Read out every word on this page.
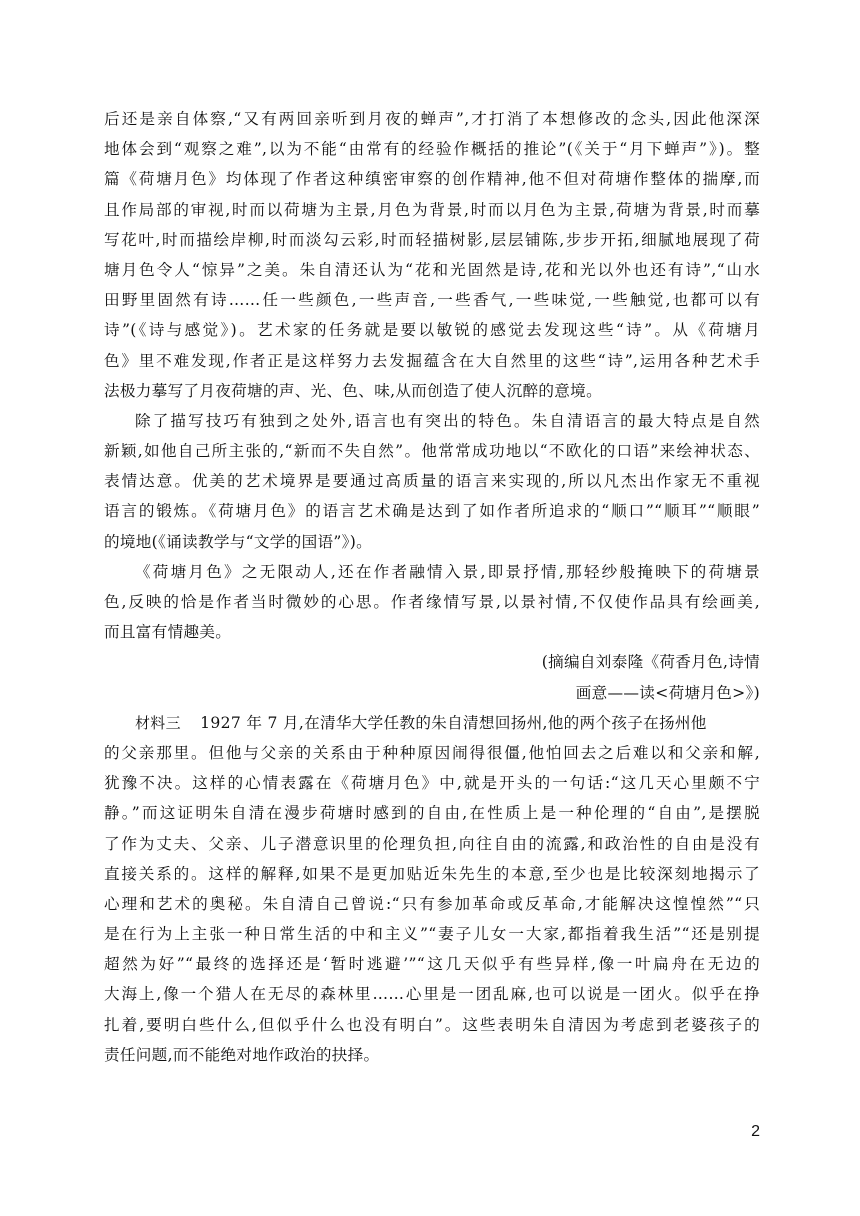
后还是亲自体察,“又有两回亲听到月夜的蝉声”,才打消了本想修改的念头,因此他深深
地体会到“观察之难”,以为不能“由常有的经验作概括的推论”(《关于“月下蝉声”》)。整
篇《荷塘月色》均体现了作者这种缜密审察的创作精神,他不但对荷塘作整体的揣摩,而
且作局部的审视,时而以荷塘为主景,月色为背景,时而以月色为主景,荷塘为背景,时而摹
写花叶,时而描绘岸柳,时而淡勾云彩,时而轻描树影,层层铺陈,步步开拓,细腻地展现了荷
塘月色令人“惊异”之美。朱自清还认为“花和光固然是诗,花和光以外也还有诗”,“山水
田野里固然有诗……任一些颜色,一些声音,一些香气,一些味觉,一些触觉,也都可以有
诗”(《诗与感觉》)。艺术家的任务就是要以敏锐的感觉去发现这些“诗”。从《荷塘月
色》里不难发现,作者正是这样努力去发掘蕴含在大自然里的这些“诗”,运用各种艺术手
法极力摹写了月夜荷塘的声、光、色、味,从而创造了使人沉醉的意境。
除了描写技巧有独到之处外,语言也有突出的特色。朱自清语言的最大特点是自然
新颖,如他自己所主张的,“新而不失自然”。他常常成功地以“不欧化的口语”来绘神状态、
表情达意。优美的艺术境界是要通过高质量的语言来实现的,所以凡杰出作家无不重视
语言的锻炼。《荷塘月色》的语言艺术确是达到了如作者所追求的“顺口”“顺耳”“顺眼”
的境地(《诵读教学与“文学的国语”》)。
《荷塘月色》之无限动人,还在作者融情入景,即景抒情,那轻纱般掩映下的荷塘景
色,反映的恰是作者当时微妙的心思。作者缘情写景,以景衬情,不仅使作品具有绘画美,
而且富有情趣美。
(摘编自刘泰隆《荷香月色,诗情
画意——读<荷塘月色>》)
材料三 1927 年 7 月,在清华大学任教的朱自清想回扬州,他的两个孩子在扬州他
的父亲那里。但他与父亲的关系由于种种原因闹得很僵,他怕回去之后难以和父亲和解,
犹豫不决。这样的心情表露在《荷塘月色》中,就是开头的一句话:“这几天心里颇不宁
静。”而这证明朱自清在漫步荷塘时感到的自由,在性质上是一种伦理的“自由”,是摆脱
了作为丈夫、父亲、儿子潜意识里的伦理负担,向往自由的流露,和政治性的自由是没有
直接关系的。这样的解释,如果不是更加贴近朱先生的本意,至少也是比较深刻地揭示了
心理和艺术的奥秘。朱自清自己曾说:“只有参加革命或反革命,才能解决这惶惶然”“只
是在行为上主张一种日常生活的中和主义”“妻子儿女一大家,都指着我生活”“还是别提
超然为好”“最终的选择还是‘暂时逃避’”“这几天似乎有些异样,像一叶扁舟在无边的
大海上,像一个猎人在无尽的森林里……心里是一团乱麻,也可以说是一团火。似乎在挣
扎着,要明白些什么,但似乎什么也没有明白”。这些表明朱自清因为考虑到老婆孩子的
责任问题,而不能绝对地作政治的抉择。
2
